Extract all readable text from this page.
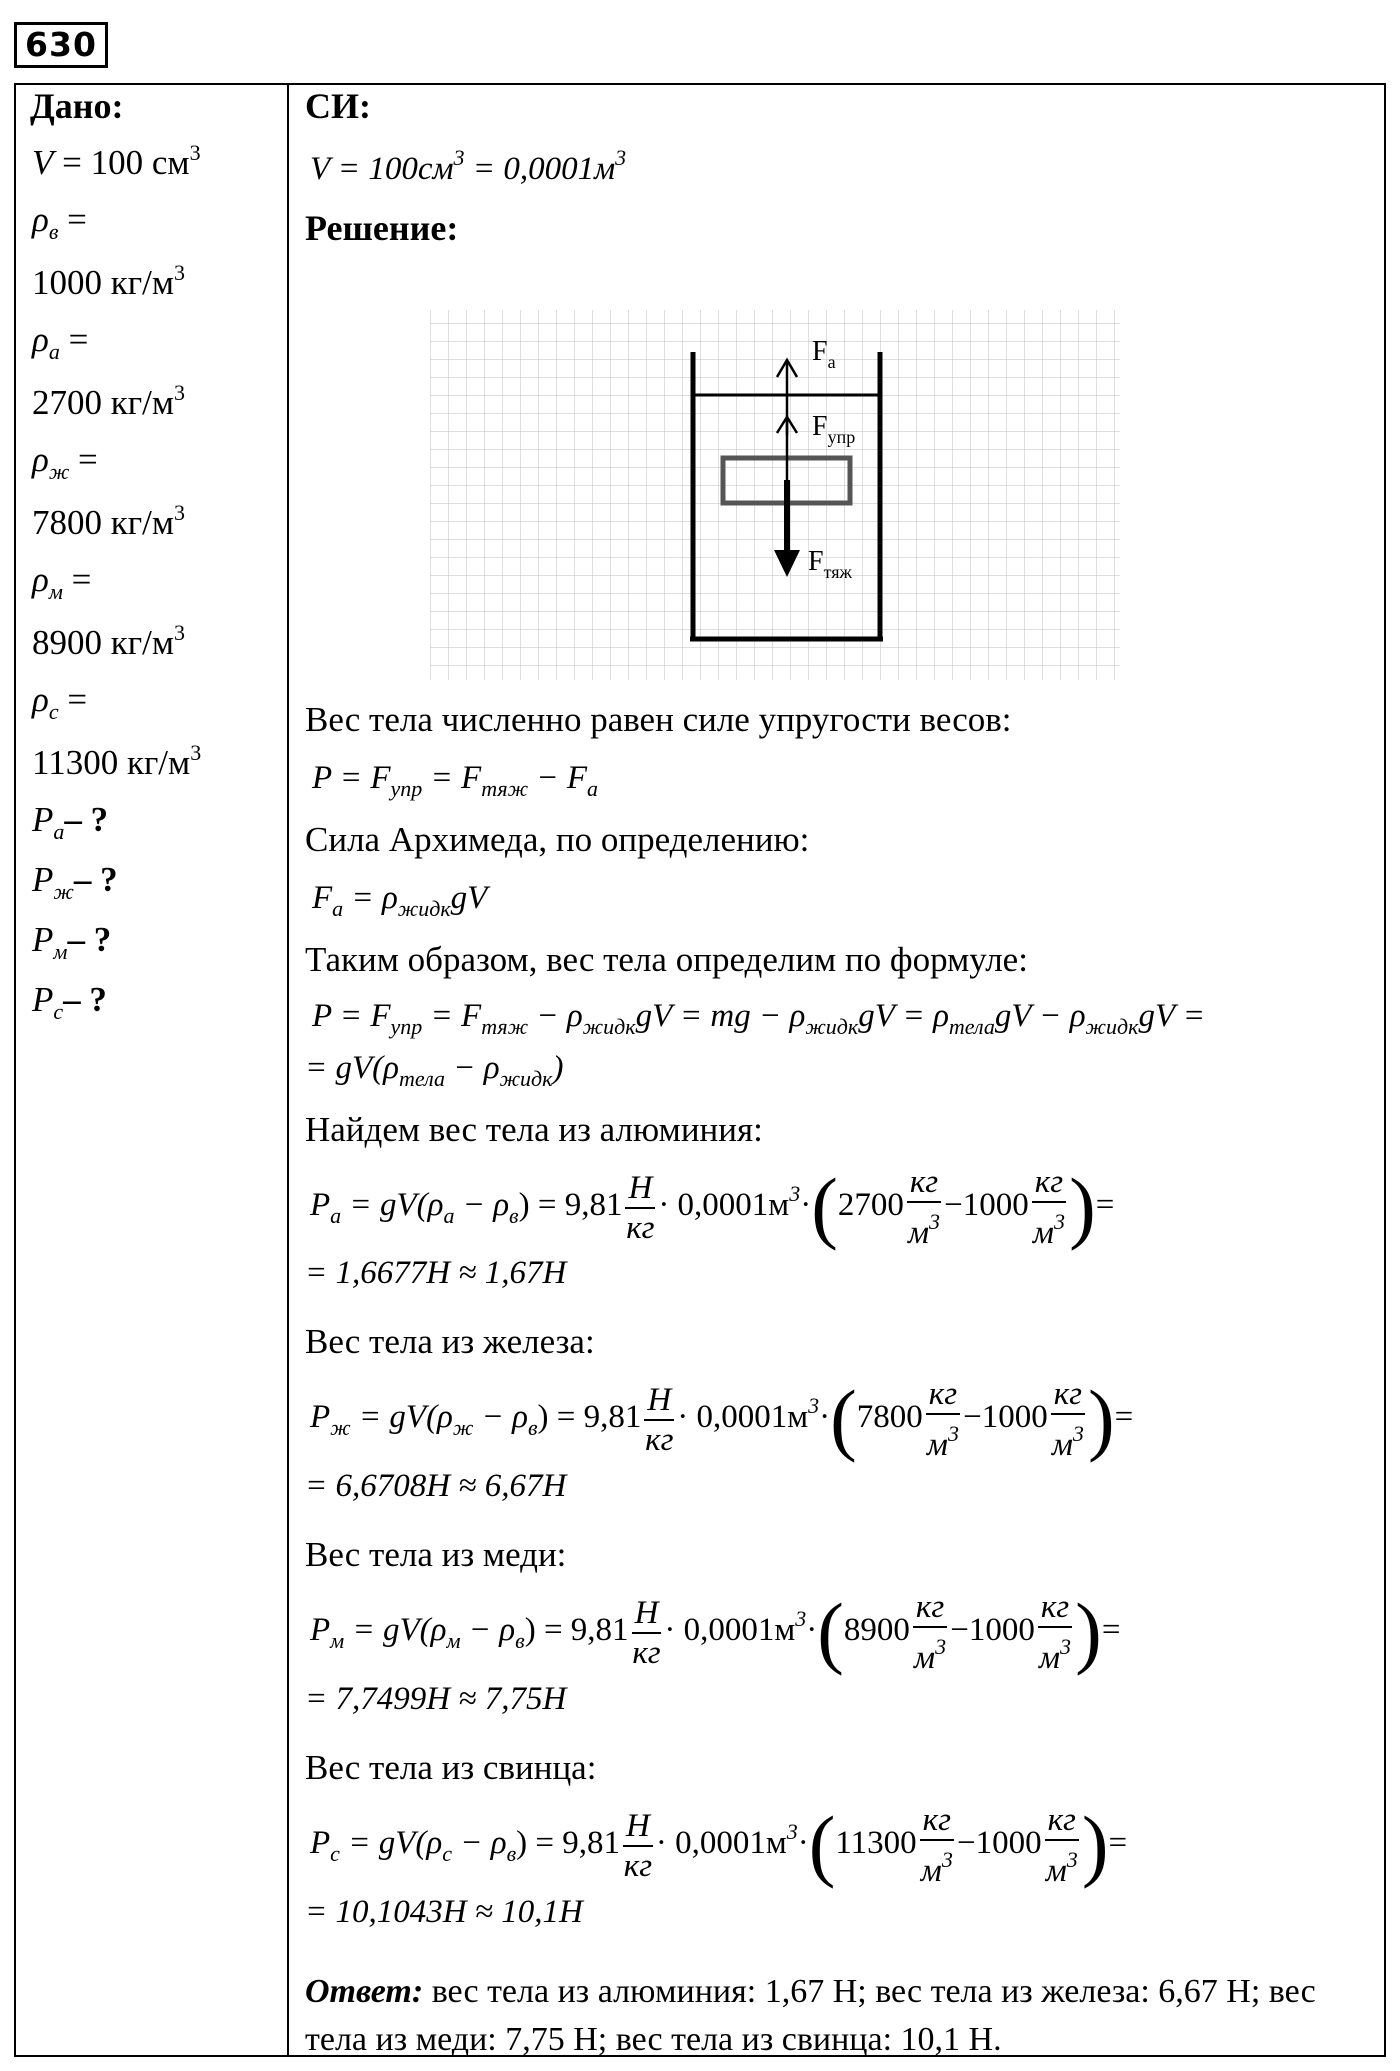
630
Дано:
V = 100 $см^3$
$\rho_в$ =
1000 $кг/м^3$
$\rho_а$ =
2700 $кг/м^3$
$\rho_ж$ =
7800 $кг/м^3$
$\rho_м$ =
8900 $кг/м^3$
$\rho_с$ =
11300 $кг/м^3$
$P_а-$ ?
$P_ж-$ ?
$P_м-$ ?
$P_с-$ ?
СИ:
$V = 100см^3 = 0,0001м^3$
Решение:
$F_а$
$F_{упр}$
$F_{тяж}$
Вес тела численно равен силе упругости весов:
$P = F_{упр} = F_{тяж} - F_а$
Сила Архимеда, по определению:
$F_а = \rho_{жидк}gV$
Таким образом, вес тела определим по формуле:
$P = F_{упр} = F_{тяж} - \rho_{жидк}gV$ = mg − $\rho_{жидк}gV = \rho_{тела}gV - \rho_{жидк}gV$ =
= $gV(\rho_{тела} - \rho_{жидк})$
Найдем вес тела из алюминия:
Вес тела из железа:
Вес тела из меди:
Вес тела из свинца:
$P_а = gV(\rho_а - \rho_в) = 9,81 \frac{H}{кг} \cdot 0,0001м^3\cdot(2700 \frac{кг}{м^3} -1000 \frac{кг}{м^3}$ )=
= 1,6677H ≈ 1,67H
$P_ж = gV(\rho_ж - \rho_в) = 9,81 \frac{H}{кг} \cdot 0,0001м^3\cdot(7800 \frac{кг}{м^3} -1000 \frac{кг}{м^3}$ )=
= 6,6708H ≈ 6,67H
$P_м = gV(\rho_м - \rho_в) = 9,81 \frac{H}{кг} \cdot 0,0001м^3\cdot(8900 \frac{кг}{м^3} -1000 \frac{кг}{м^3}$ )=
= 7,7499H ≈ 7,75H
$P_с = gV(\rho_с - \rho_в) = 9,81 \frac{H}{кг} \cdot 0,0001м^3\cdot(11300 \frac{кг}{м^3} -1000 \frac{кг}{м^3}$ )=
= 10,1043H ≈ 10,1H
Ответ: вес тела из алюминия: 1,67 Н; вес тела из железа: 6,67 Н; вес тела из меди: 7,75 Н; вес тела из свинца: 10,1 Н.
